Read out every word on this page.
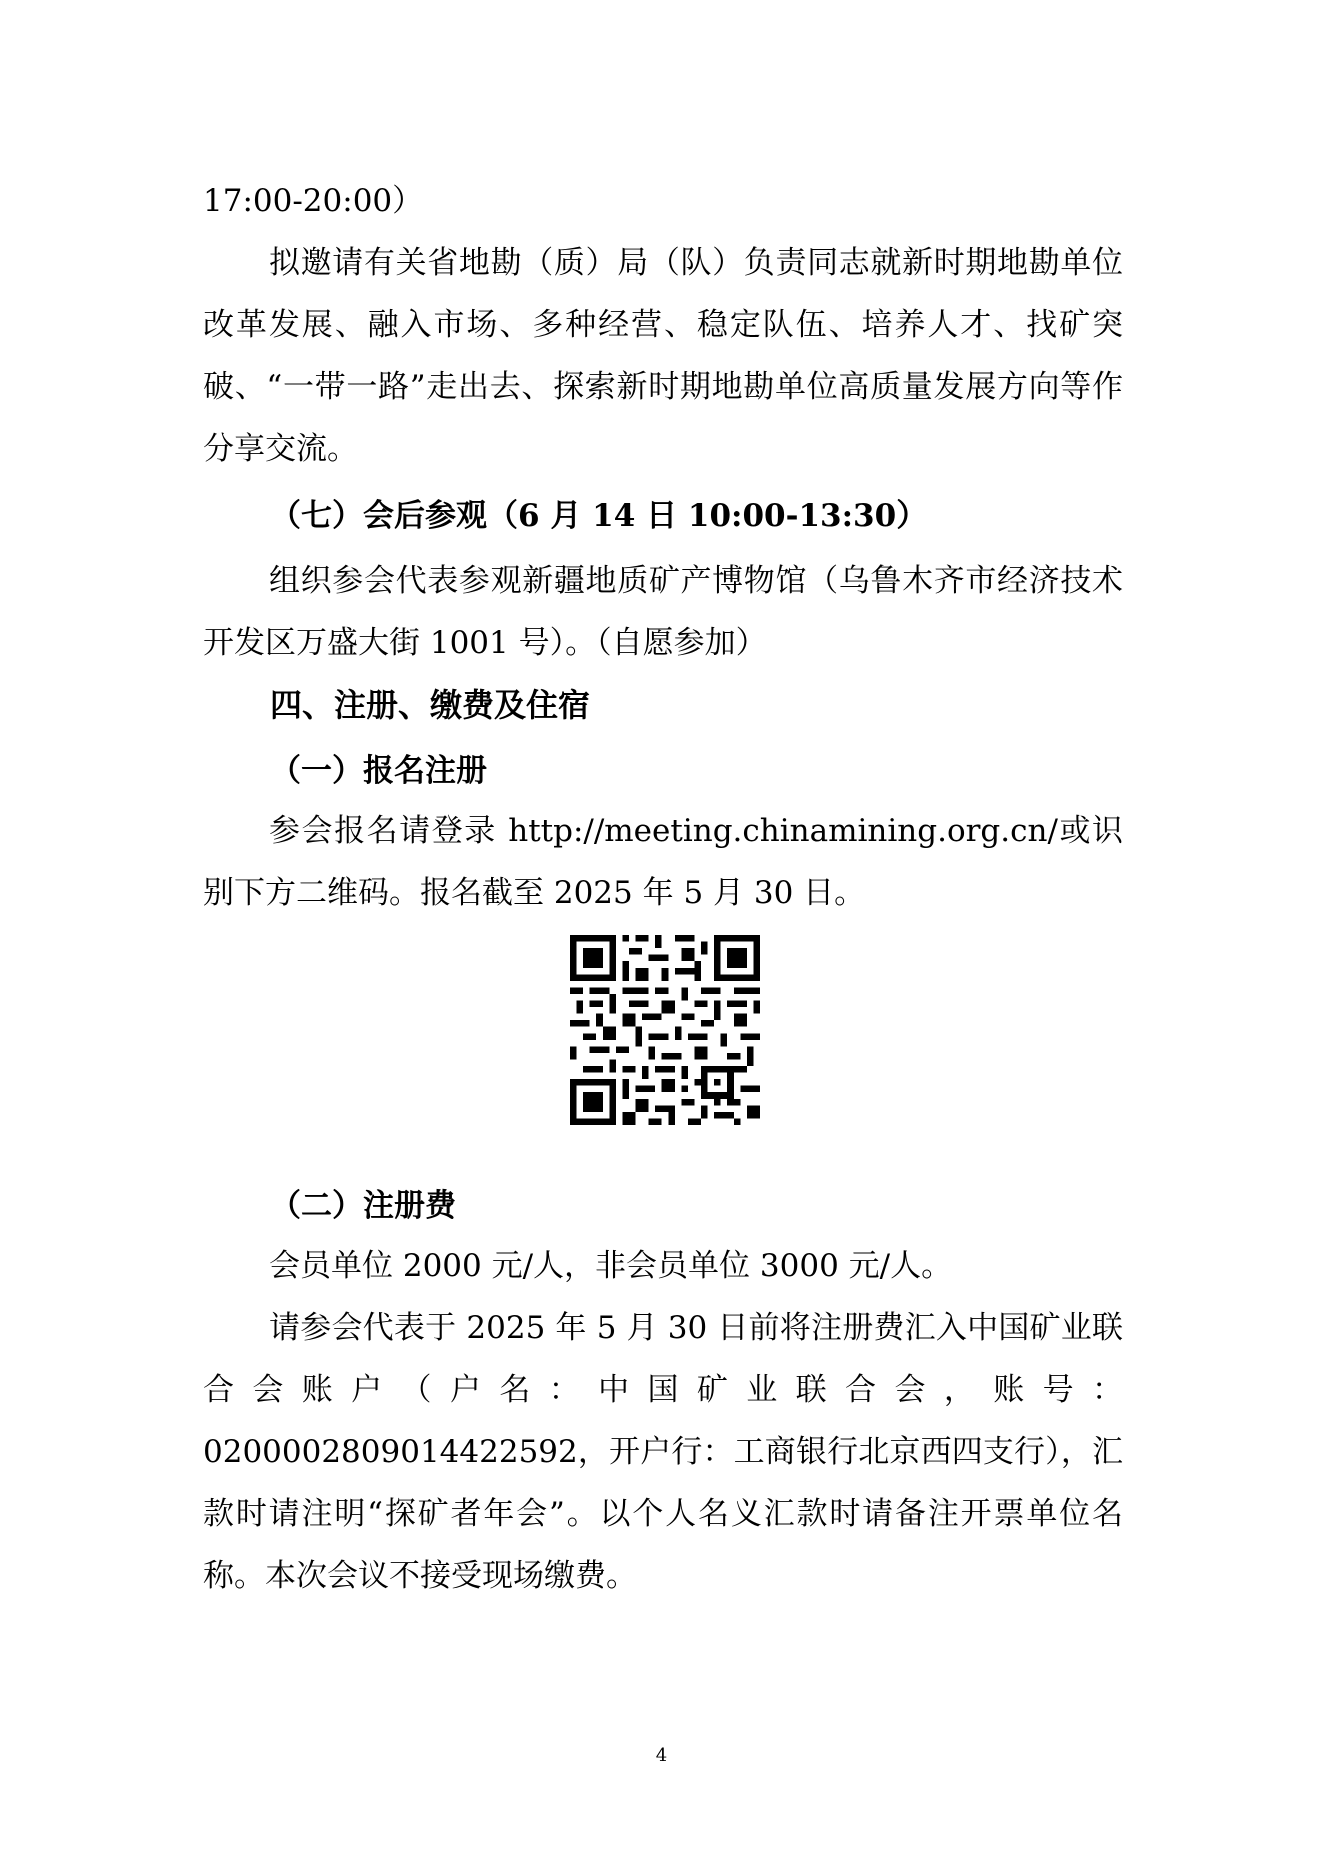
17:00-20:00）
拟邀请有关省地勘（质）局（队）负责同志就新时期地勘单位改革发展、融入市场、多种经营、稳定队伍、培养人才、找矿突破、“一带一路”走出去、探索新时期地勘单位高质量发展方向等作分享交流。
（七）会后参观（6 月 14 日 10:00-13:30）
组织参会代表参观新疆地质矿产博物馆（乌鲁木齐市经济技术开发区万盛大街 1001 号）。（自愿参加）
四、注册、缴费及住宿
（一）报名注册
参会报名请登录 http://meeting.chinamining.org.cn/或识别下方二维码。报名截至 2025 年 5 月 30 日。
（二）注册费
会员单位 2000 元/人，非会员单位 3000 元/人。
请参会代表于 2025 年 5 月 30 日前将注册费汇入中国矿业联合会账户（户名：中国矿业联合会，账号：0200002809014422592，开户行：工商银行北京西四支行），汇款时请注明“探矿者年会”。以个人名义汇款时请备注开票单位名称。本次会议不接受现场缴费。
4
